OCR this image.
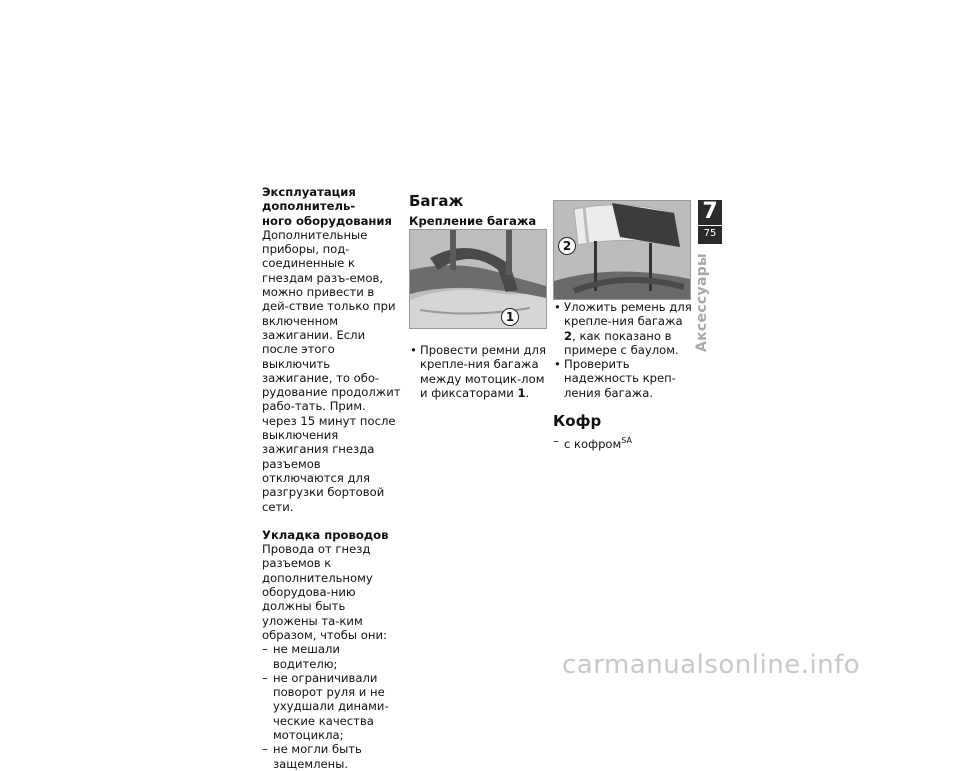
Эксплуатация дополнитель-
ного оборудования

Дополнительные приборы, под-соединенные к гнездам разъ-емов, можно привести в дей-ствие только при включенном зажигании. Если после этого выключить зажигание, то обо-рудование продолжит рабо-тать. Прим. через 15 минут после выключения зажигания гнезда разъемов отключаются для разгрузки бортовой сети.

Укладка проводов

Провода от гнезд разъемов к дополнительному оборудова-нию должны быть уложены та-ким образом, чтобы они:

– не мешали водителю;
– не ограничивали поворот руля и не ухудшали динами-ческие качества мотоцикла;
– не могли быть защемлены.
Багаж
Крепление багажа
1
• Провести ремни для крепле-ния багажа между мотоцик-лом и фиксаторами 1.
2
• Уложить ремень для крепле-ния багажа 2, как показано в примере с баулом.
• Проверить надежность креп-ления багажа.
Кофр
– с кофром$^{SA}$
7
75
Аксессуары
carmanualsonline.info
